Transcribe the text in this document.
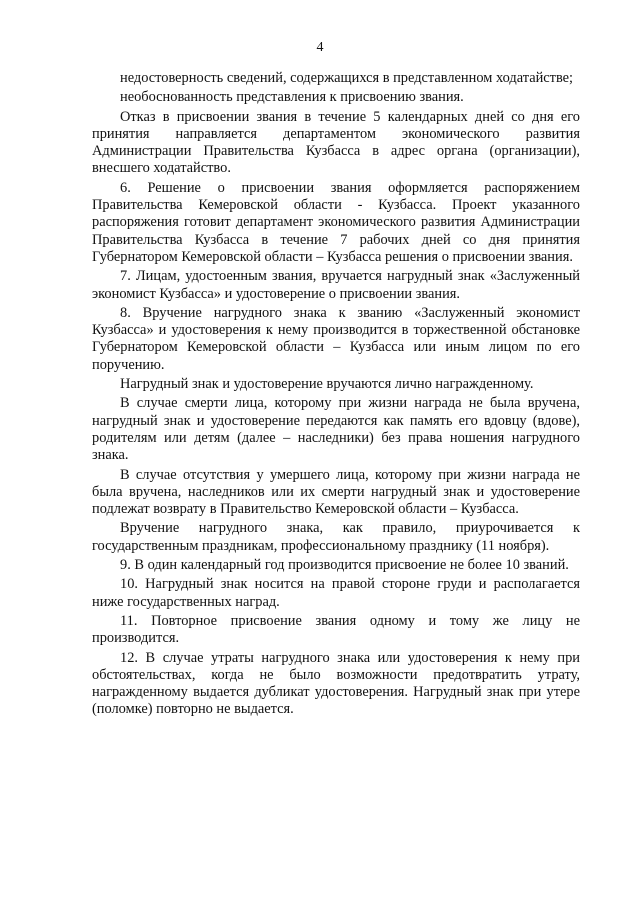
4

недостоверность сведений, содержащихся в представленном ходатайстве;

необоснованность представления к присвоению звания.

Отказ в присвоении звания в течение 5 календарных дней со дня его принятия направляется департаментом экономического развития Администрации Правительства Кузбасса в адрес органа (организации), внесшего ходатайство.

6. Решение о присвоении звания оформляется распоряжением Правительства Кемеровской области - Кузбасса. Проект указанного распоряжения готовит департамент экономического развития Администрации Правительства Кузбасса в течение 7 рабочих дней со дня принятия Губернатором Кемеровской области – Кузбасса решения о присвоении звания.

7. Лицам, удостоенным звания, вручается нагрудный знак «Заслуженный экономист Кузбасса» и удостоверение о присвоении звания.

8. Вручение нагрудного знака к званию «Заслуженный экономист Кузбасса» и удостоверения к нему производится в торжественной обстановке Губернатором Кемеровской области – Кузбасса или иным лицом по его поручению.

Нагрудный знак и удостоверение вручаются лично награжденному.

В случае смерти лица, которому при жизни награда не была вручена, нагрудный знак и удостоверение передаются как память его вдовцу (вдове), родителям или детям (далее – наследники) без права ношения нагрудного знака.

В случае отсутствия у умершего лица, которому при жизни награда не была вручена, наследников или их смерти нагрудный знак и удостоверение подлежат возврату в Правительство Кемеровской области – Кузбасса.

Вручение нагрудного знака, как правило, приурочивается к государственным праздникам, профессиональному празднику (11 ноября).

9. В один календарный год производится присвоение не более 10 званий.

10. Нагрудный знак носится на правой стороне груди и располагается ниже государственных наград.

11. Повторное присвоение звания одному и тому же лицу не производится.

12. В случае утраты нагрудного знака или удостоверения к нему при обстоятельствах, когда не было возможности предотвратить утрату, награжденному выдается дубликат удостоверения. Нагрудный знак при утере (поломке) повторно не выдается.
